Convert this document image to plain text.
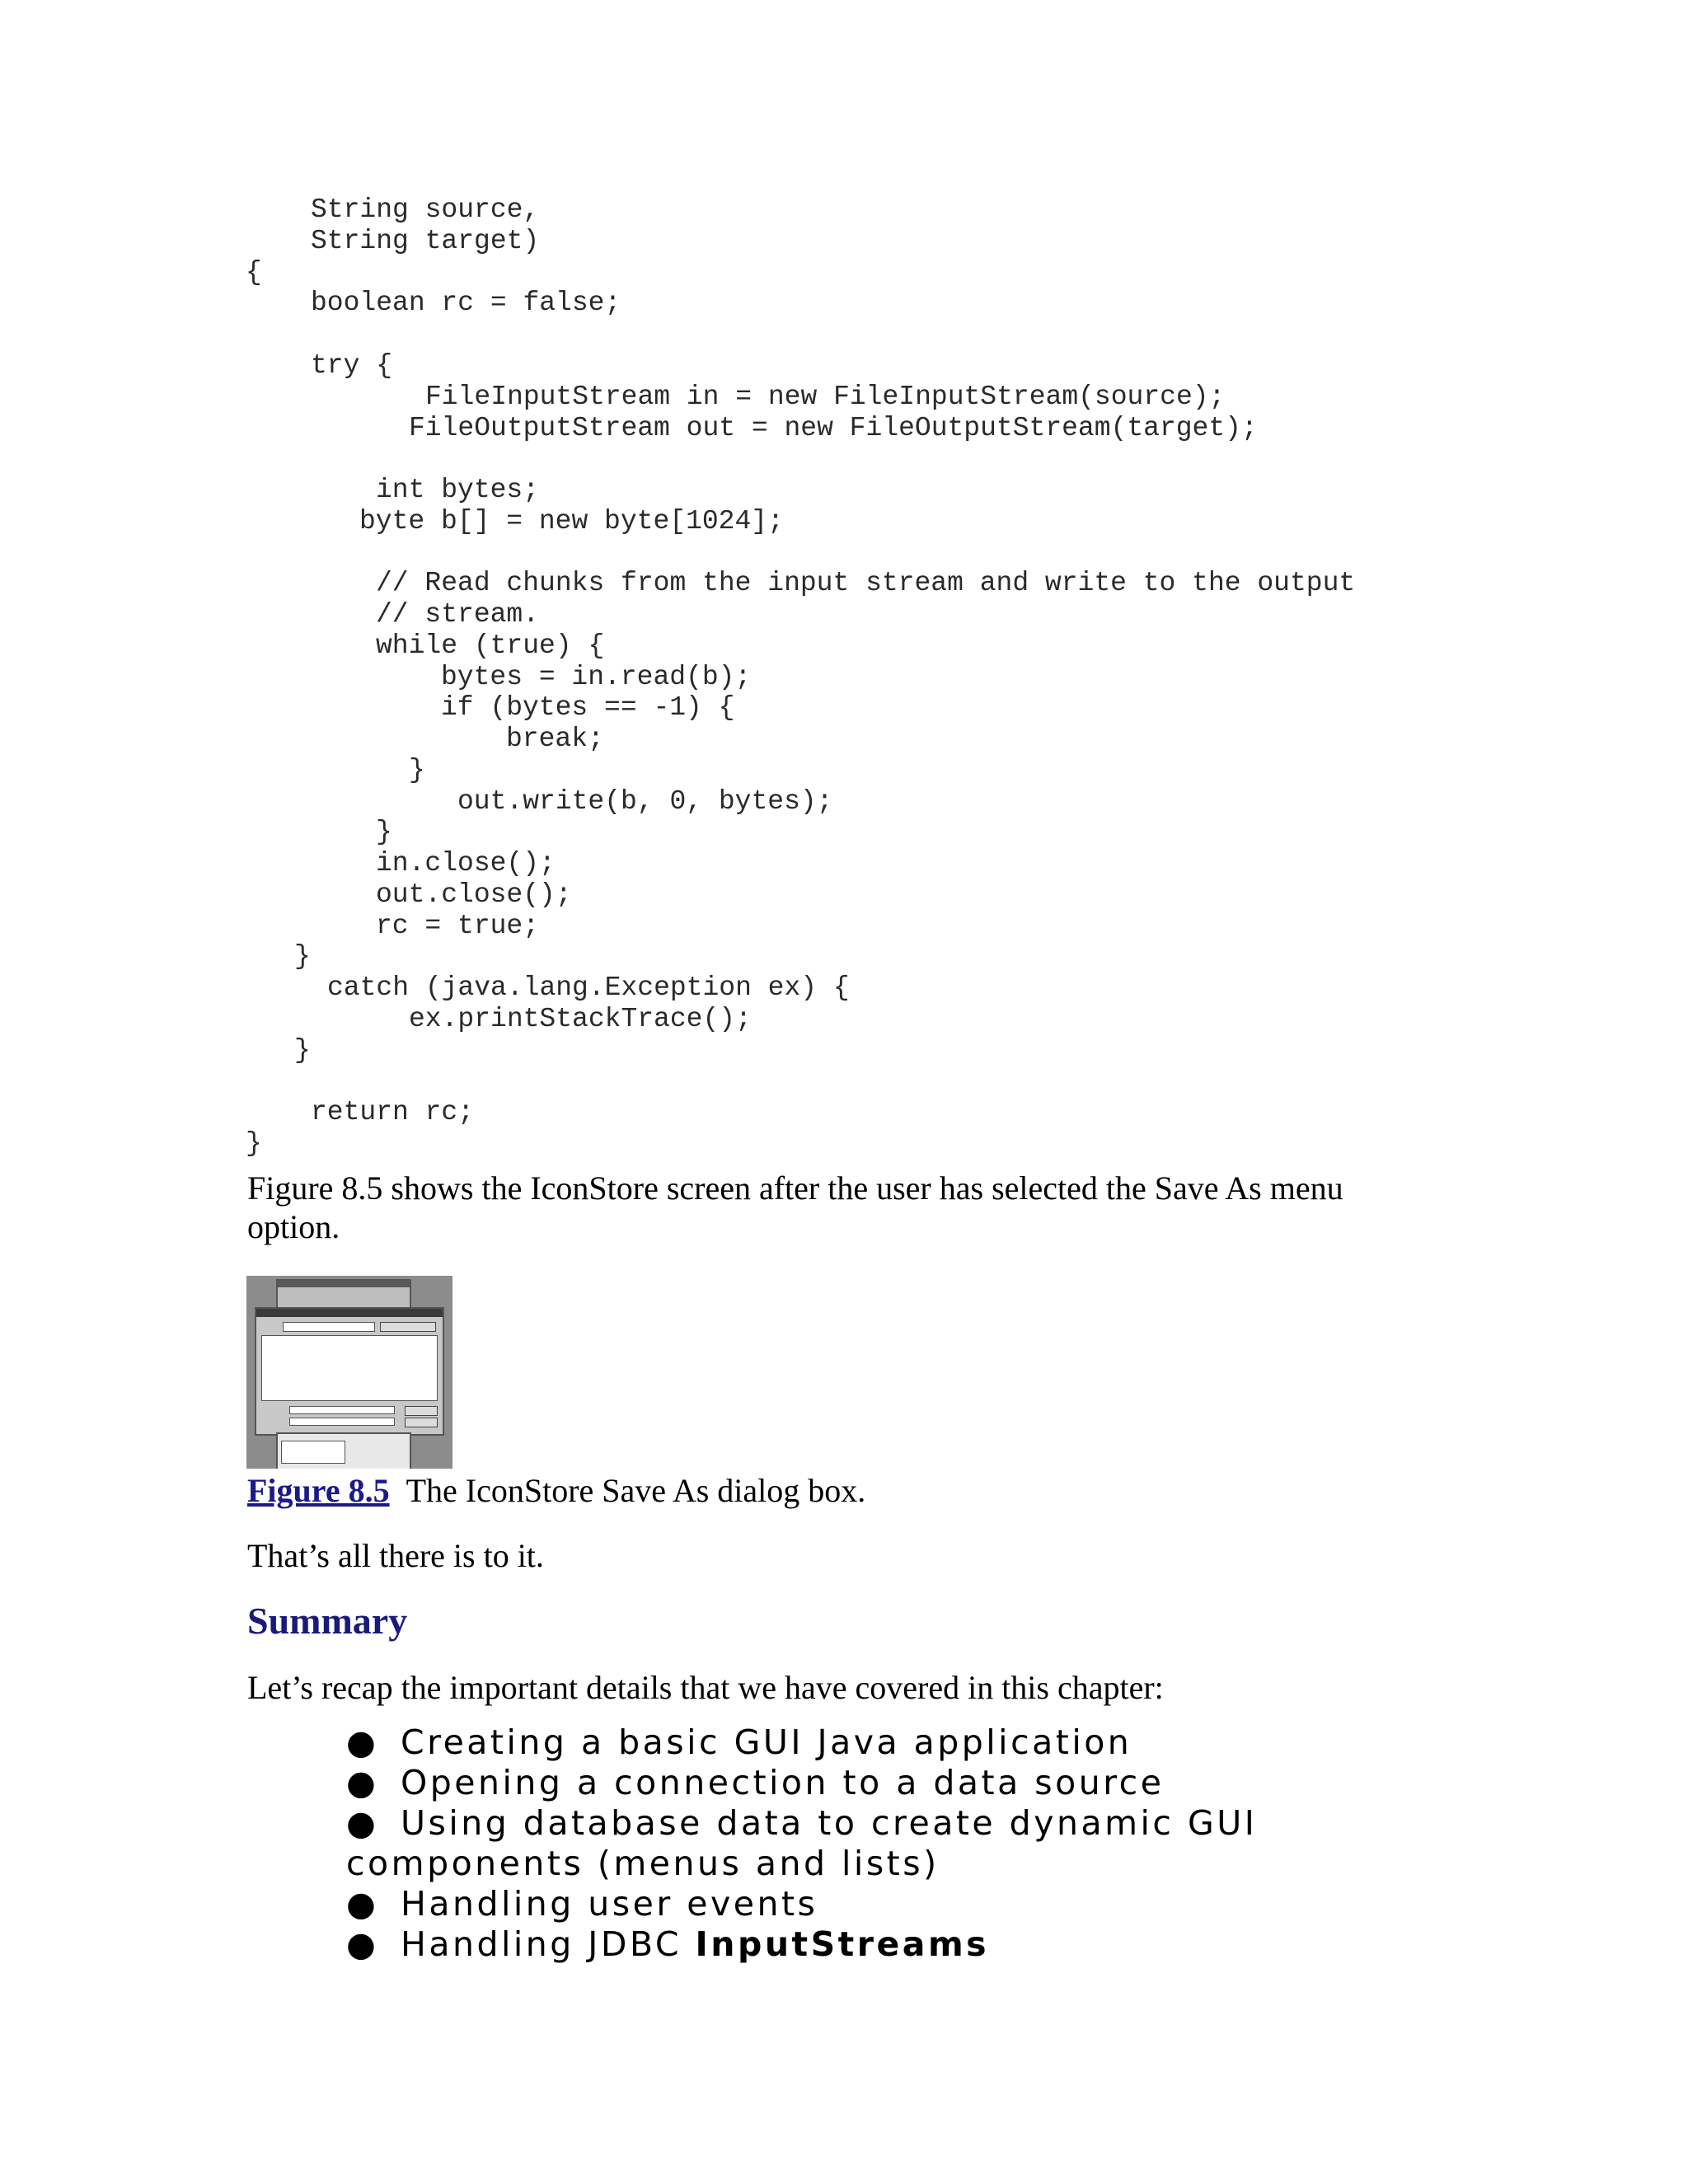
String source,
String target)
{
boolean rc = false;
try {
FileInputStream in = new FileInputStream(source);
FileOutputStream out = new FileOutputStream(target);
int bytes;
byte b[] = new byte[1024];
// Read chunks from the input stream and write to the output
// stream.
while (true) {
bytes = in.read(b);
if (bytes == -1) {
break;
}
out.write(b, 0, bytes);
}
in.close();
out.close();
rc = true;
}
catch (java.lang.Exception ex) {
ex.printStackTrace();
}
return rc;
}

Figure 8.5 shows the IconStore screen after the user has selected the Save As menu option.

Figure 8.5 The IconStore Save As dialog box.

That’s all there is to it.

Summary

Let’s recap the important details that we have covered in this chapter:

● Creating a basic GUI Java application
● Opening a connection to a data source
● Using database data to create dynamic GUI components (menus and lists)
● Handling user events
● Handling JDBC InputStreams
